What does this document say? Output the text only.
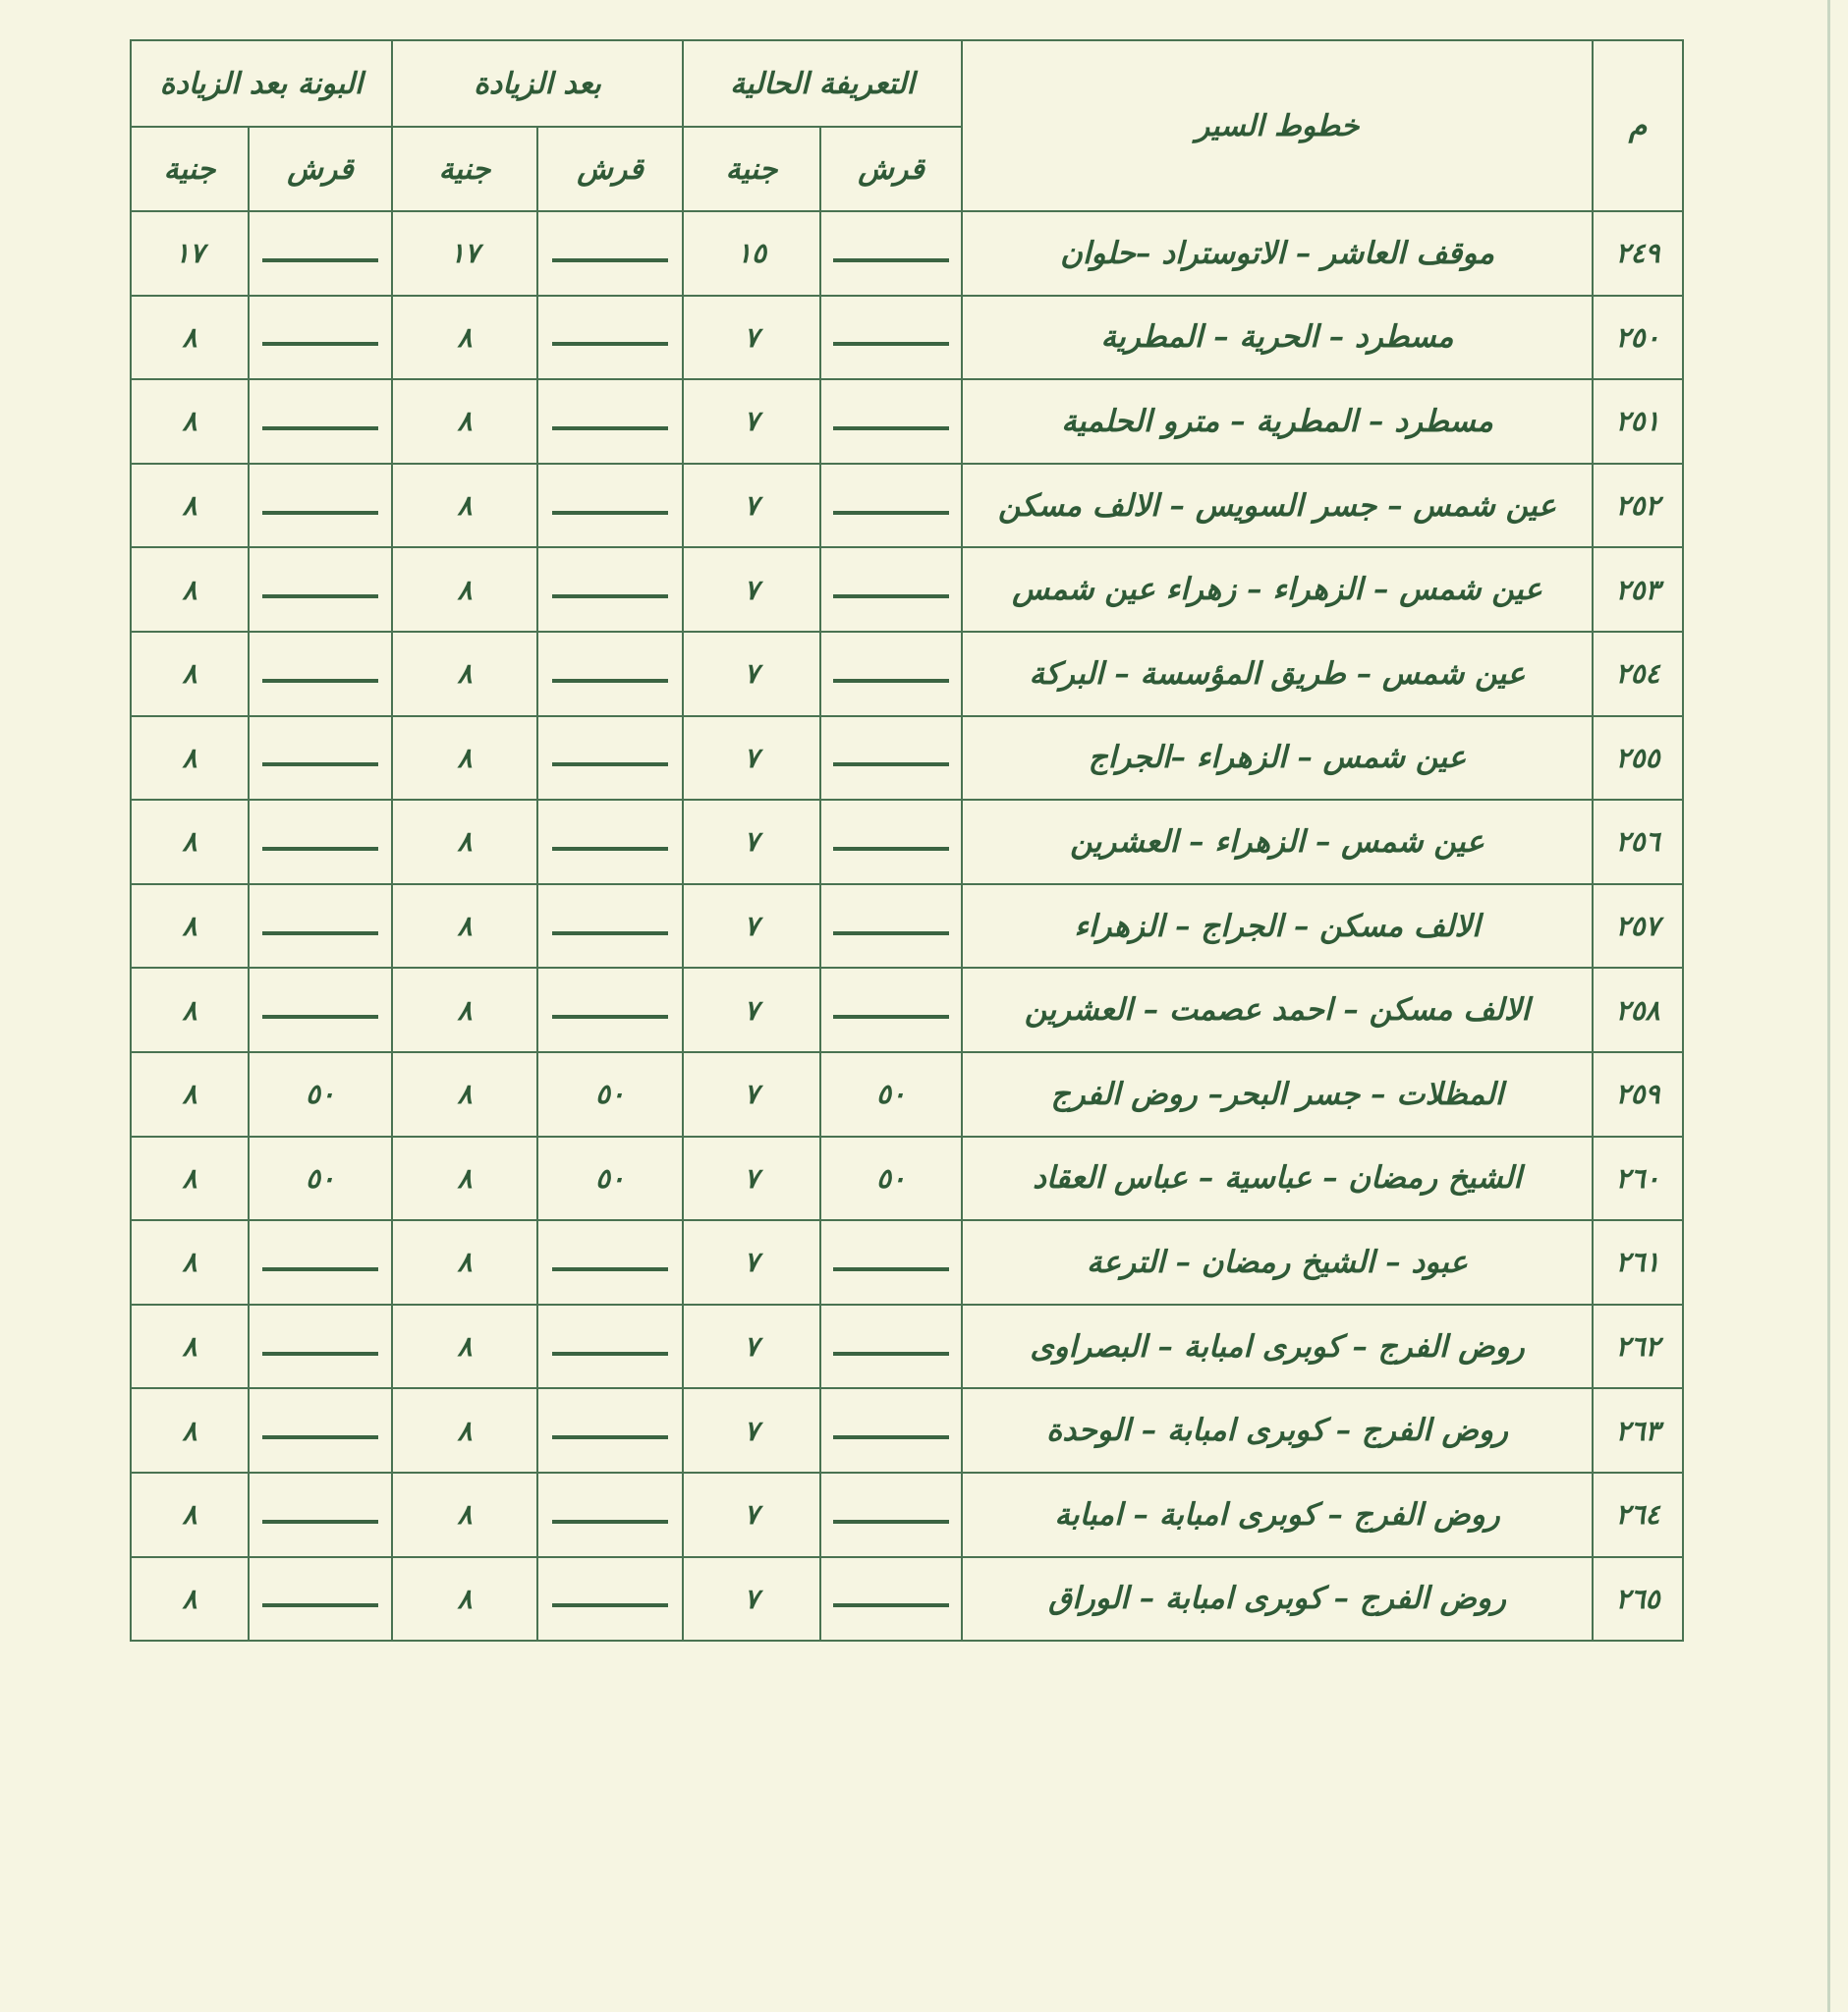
م	خطوط السير	التعريفة الحالية		بعد الزيادة		البونة بعد الزيادة	
		قرش	جنية	قرش	جنية	قرش	جنية
٢٤٩	موقف العاشر – الاتوستراد –حلوان		١٥		١٧		١٧
٢٥٠	مسطرد – الحرية – المطرية		٧		٨		٨
٢٥١	مسطرد – المطرية – مترو الحلمية		٧		٨		٨
٢٥٢	عين شمس – جسر السويس – الالف مسكن		٧		٨		٨
٢٥٣	عين شمس – الزهراء – زهراء عين شمس		٧		٨		٨
٢٥٤	عين شمس – طريق المؤسسة – البركة		٧		٨		٨
٢٥٥	عين شمس – الزهراء –الجراج		٧		٨		٨
٢٥٦	عين شمس – الزهراء – العشرين		٧		٨		٨
٢٥٧	الالف مسكن – الجراج – الزهراء		٧		٨		٨
٢٥٨	الالف مسكن – احمد عصمت – العشرين		٧		٨		٨
٢٥٩	المظلات – جسر البحر– روض الفرج	٥٠	٧	٥٠	٨	٥٠	٨
٢٦٠	الشيخ رمضان – عباسية – عباس العقاد	٥٠	٧	٥٠	٨	٥٠	٨
٢٦١	عبود – الشيخ رمضان – الترعة		٧		٨		٨
٢٦٢	روض الفرج – كوبرى امبابة – البصراوى		٧		٨		٨
٢٦٣	روض الفرج – كوبرى امبابة – الوحدة		٧		٨		٨
٢٦٤	روض الفرج – كوبرى امبابة – امبابة		٧		٨		٨
٢٦٥	روض الفرج – كوبرى امبابة – الوراق		٧		٨		٨
